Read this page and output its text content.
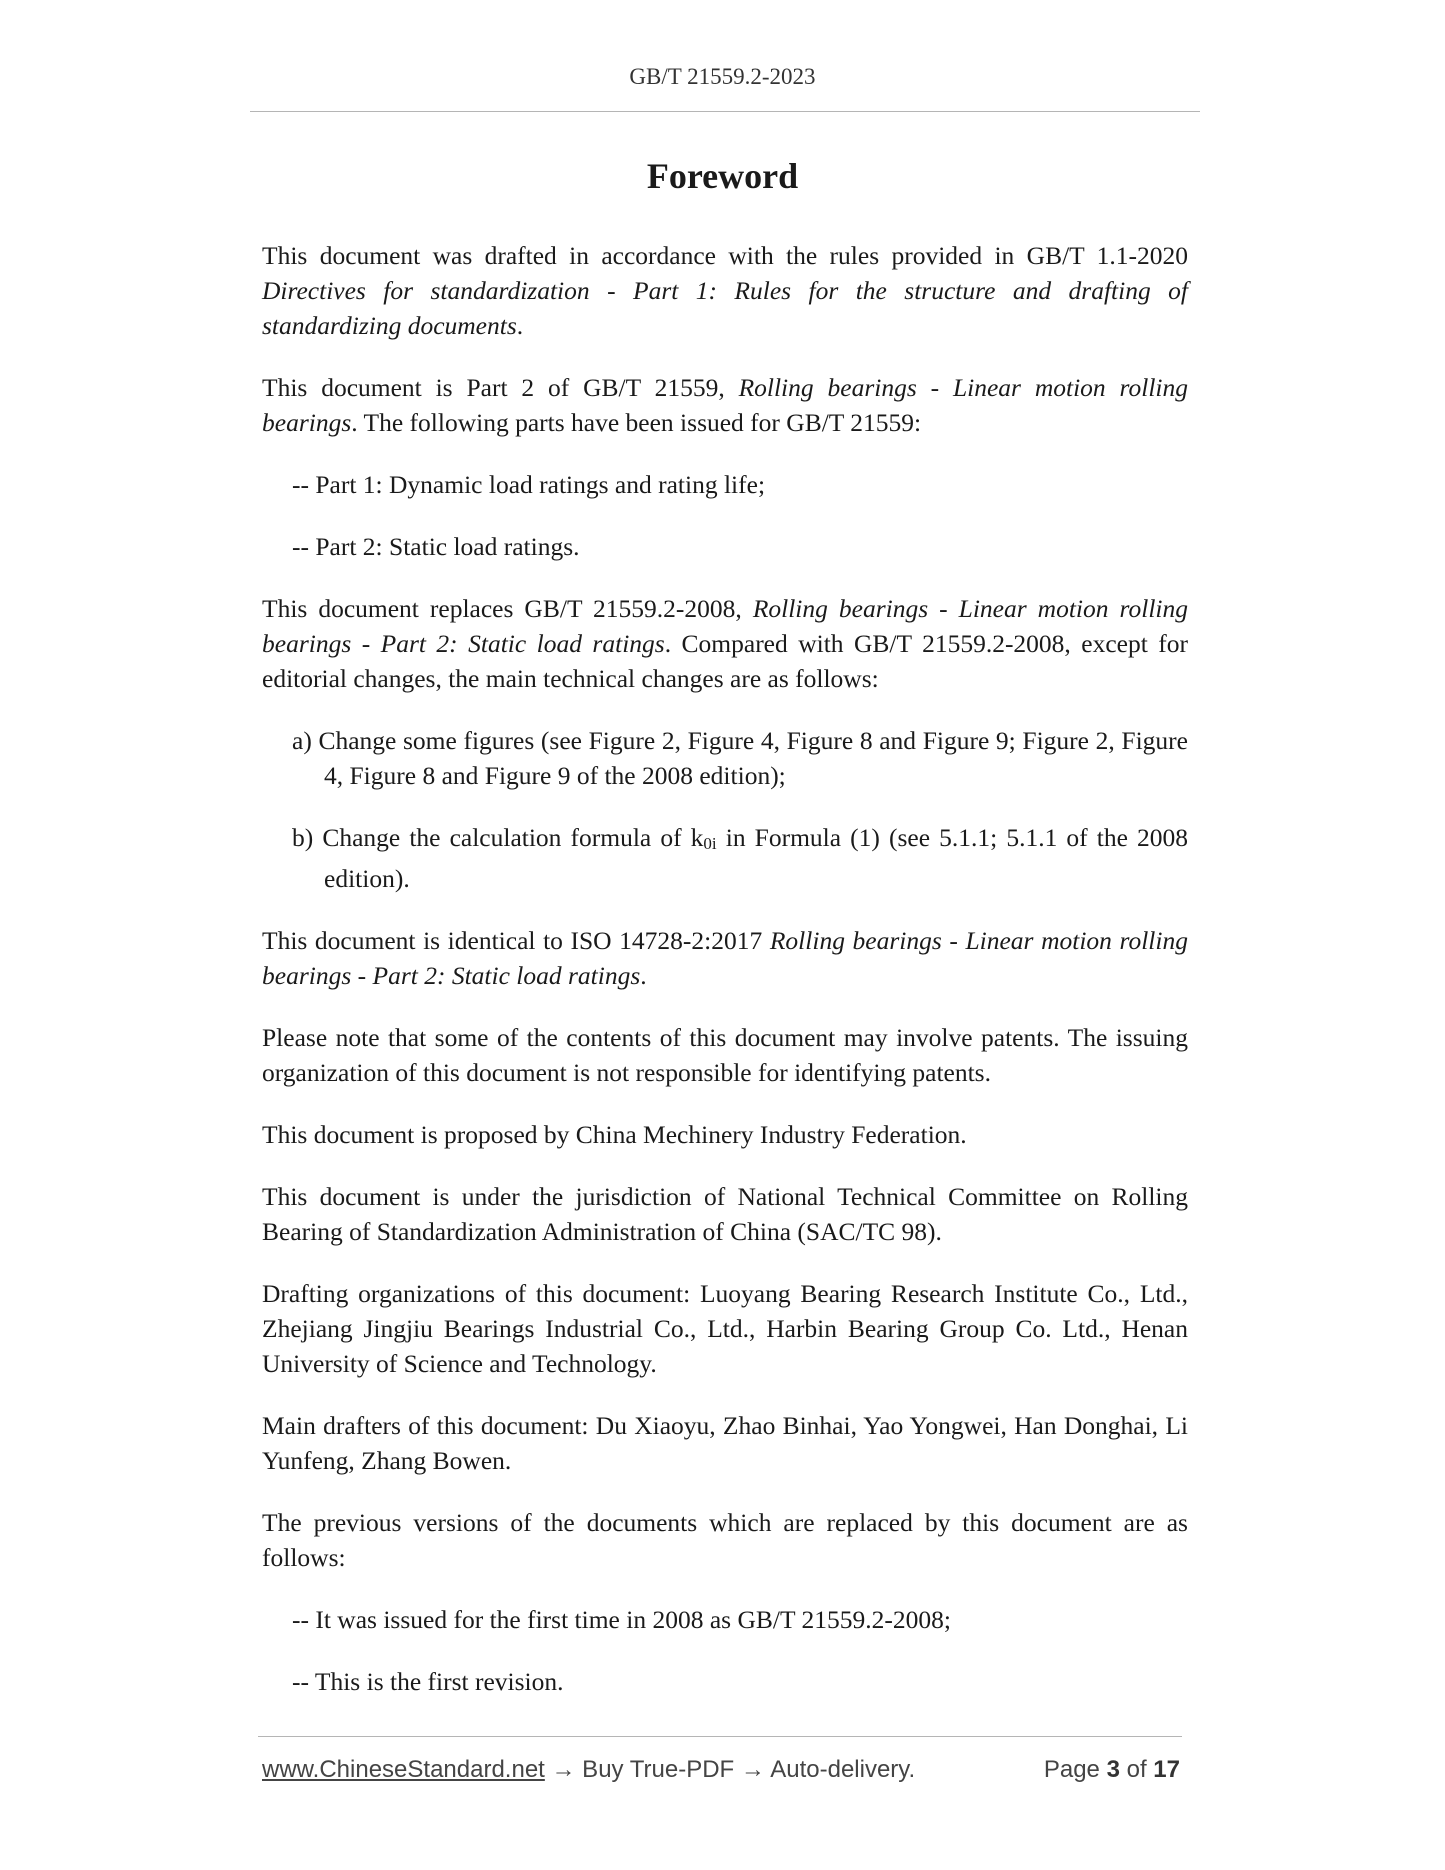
GB/T 21559.2-2023
Foreword

This document was drafted in accordance with the rules provided in GB/T 1.1-2020 Directives for standardization - Part 1: Rules for the structure and drafting of standardizing documents.

This document is Part 2 of GB/T 21559, Rolling bearings - Linear motion rolling bearings. The following parts have been issued for GB/T 21559:

-- Part 1: Dynamic load ratings and rating life;

-- Part 2: Static load ratings.

This document replaces GB/T 21559.2-2008, Rolling bearings - Linear motion rolling bearings - Part 2: Static load ratings. Compared with GB/T 21559.2-2008, except for editorial changes, the main technical changes are as follows:

a) Change some figures (see Figure 2, Figure 4, Figure 8 and Figure 9; Figure 2, Figure 4, Figure 8 and Figure 9 of the 2008 edition);

b) Change the calculation formula of k0i in Formula (1) (see 5.1.1; 5.1.1 of the 2008 edition).

This document is identical to ISO 14728-2:2017 Rolling bearings - Linear motion rolling bearings - Part 2: Static load ratings.

Please note that some of the contents of this document may involve patents. The issuing organization of this document is not responsible for identifying patents.

This document is proposed by China Mechinery Industry Federation.

This document is under the jurisdiction of National Technical Committee on Rolling Bearing of Standardization Administration of China (SAC/TC 98).

Drafting organizations of this document: Luoyang Bearing Research Institute Co., Ltd., Zhejiang Jingjiu Bearings Industrial Co., Ltd., Harbin Bearing Group Co. Ltd., Henan University of Science and Technology.

Main drafters of this document: Du Xiaoyu, Zhao Binhai, Yao Yongwei, Han Donghai, Li Yunfeng, Zhang Bowen.

The previous versions of the documents which are replaced by this document are as follows:

-- It was issued for the first time in 2008 as GB/T 21559.2-2008;

-- This is the first revision.

www.ChineseStandard.net → Buy True-PDF → Auto-delivery.	Page 3 of 17
